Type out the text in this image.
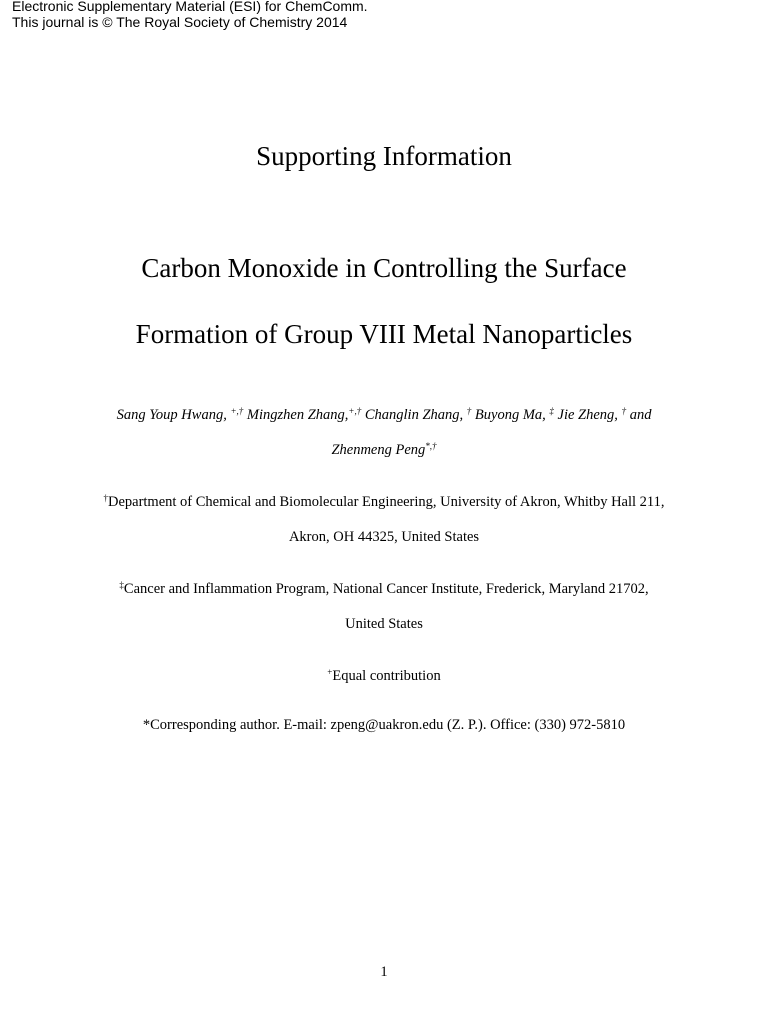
Electronic Supplementary Material (ESI) for ChemComm.
This journal is © The Royal Society of Chemistry 2014
Supporting Information
Carbon Monoxide in Controlling the Surface
Formation of Group VIII Metal Nanoparticles
Sang Youp Hwang, +,† Mingzhen Zhang,+,† Changlin Zhang, † Buyong Ma, ‡ Jie Zheng, † and
Zhenmeng Peng*,†
†Department of Chemical and Biomolecular Engineering, University of Akron, Whitby Hall 211,
Akron, OH 44325, United States
‡Cancer and Inflammation Program, National Cancer Institute, Frederick, Maryland 21702,
United States
+Equal contribution
*Corresponding author. E-mail: zpeng@uakron.edu (Z. P.). Office: (330) 972-5810
1
